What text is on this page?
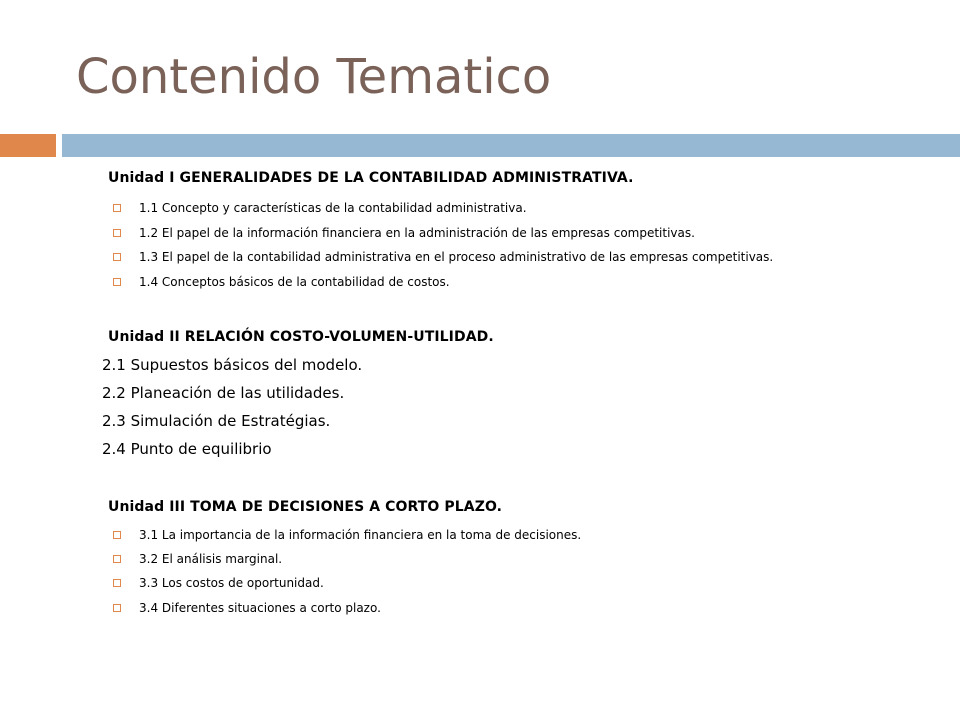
Contenido Tematico
Unidad I GENERALIDADES DE LA CONTABILIDAD ADMINISTRATIVA.
1.1 Concepto y características de la contabilidad administrativa.
1.2 El papel de la información financiera en la administración de las empresas competitivas.
1.3 El papel de la contabilidad administrativa en el proceso administrativo de las empresas competitivas.
1.4 Conceptos básicos de la contabilidad de costos.
Unidad II RELACIÓN COSTO-VOLUMEN-UTILIDAD.
2.1 Supuestos básicos del modelo.
2.2 Planeación de las utilidades.
2.3 Simulación de Estratégias.
2.4 Punto de equilibrio
Unidad III TOMA DE DECISIONES A CORTO PLAZO.
3.1 La importancia de la información financiera en la toma de decisiones.
3.2 El análisis marginal.
3.3 Los costos de oportunidad.
3.4 Diferentes situaciones a corto plazo.
